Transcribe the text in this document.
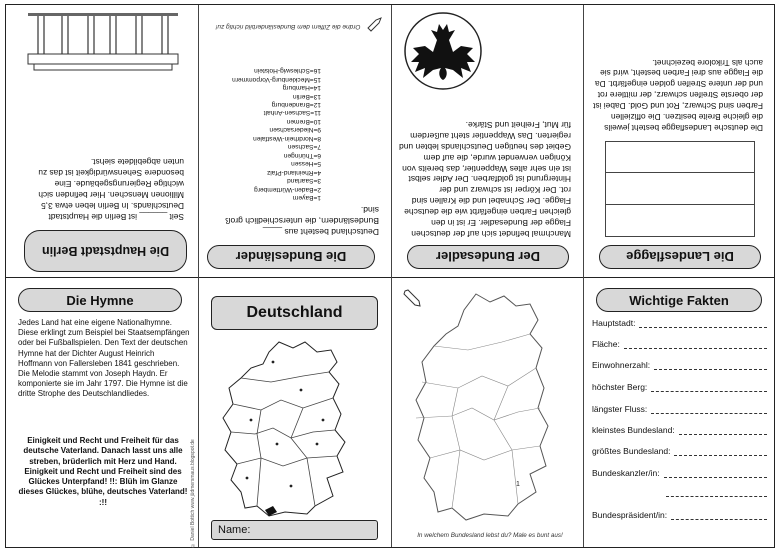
Die Hauptstadt Berlin
Seit ______ ist Berlin die Hauptstadt Deutschlands. In Berlin leben etwa 3,5 Millionen Menschen. Hier befinden sich wichtige Regierungsgebäude. Eine besondere Sehenswürdigkeit ist das zu unten abgebildete siehst.
Die Bundesländer
Deutschland besteht aus ____ Bundesländern, die unterschiedlich groß sind.
1=Bayern
2=Baden-Württemberg
3=Saarland
4=Rheinland-Pfalz
5=Hessen
6=Thüringen
7=Sachsen
8=Nordrhein-Westfalen
9=Niedersachsen
10=Bremen
11=Sachsen-Anhalt
12=Brandenburg
13=Berlin
14=Hamburg
15=Mecklenburg-Vorpommern
16=Schleswig-Holstein
Ordne die Ziffern dem Bundesländerbild richtig zu!
Der Bundesadler
Manchmal befindet sich auf der deutschen Flagge der Bundesadler. Er ist in den gleichen Farben eingefärbt wie die deutsche Flagge. Der Schnabel und die Krallen sind rot. Der Körper ist schwarz und der Hintergrund ist goldfarben. Der Adler selbst ist ein sehr altes Wappentier, das bereits von Königen verwendet wurde, die auf dem Gebiet des heutigen Deutschlands lebten und regierten. Das Wappentier steht außerdem für Mut, Freiheit und Stärke.
Die Landesflagge
Die deutsche Landesflagge besteht jeweils die gleiche Breite besitzen. Die offiziellen Farben sind Schwarz, Rot und Gold. Dabei ist der oberste Streifen schwarz, der mittlere rot und der untere Streifen golden eingefärbt. Da die Flagge aus drei Farben besteht, wird sie auch als Trikolore bezeichnet.
Die Hymne
Jedes Land hat eine eigene Nationalhymne. Diese erklingt zum Beispiel bei Staatsempfängen oder bei Fußballspielen. Den Text der deutschen Hymne hat der Dichter August Heinrich Hoffmann von Fallersleben 1841 geschrieben. Die Melodie stammt von Joseph Haydn. Er komponierte sie im Jahr 1797. Die Hymne ist die dritte Strophe des Deutschlandliedes.
Einigkeit und Recht und Freiheit für das deutsche Vaterland. Danach lasst uns alle streben, brüderlich mit Herz und Hand. Einigkeit und Recht und Freiheit sind des Glückes Unterpfand! !!: Blüh im Glanze dieses Glückes, blühe, deutsches Vaterland! :!!	© Daniel Bottich www.jüdmersmaus.blogspot.de
Deutschland
Name:
1
In welchem Bundesland lebst du? Male es bunt aus!
Wichtige Fakten
Hauptstadt:
Fläche:
Einwohnerzahl:
höchster Berg:
längster Fluss:
kleinstes Bundesland:
größtes Bundesland:
Bundeskanzler/in:
Bundespräsident/in:
